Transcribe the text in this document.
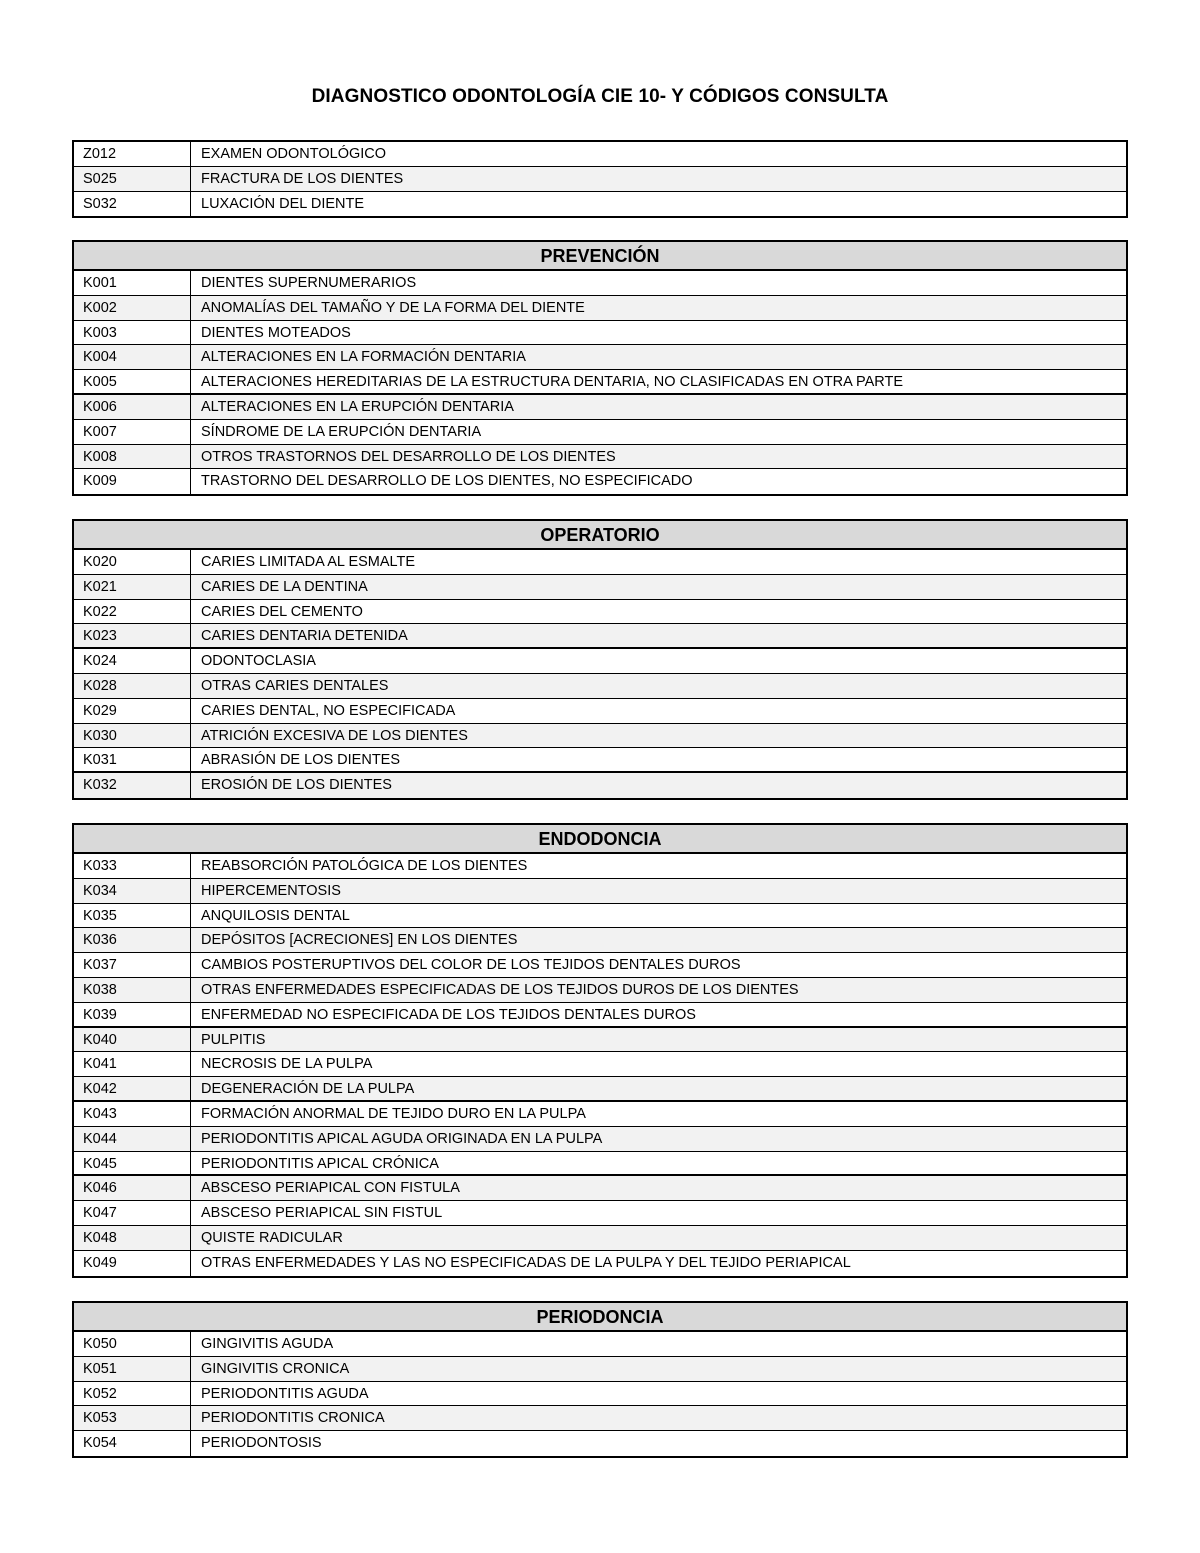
DIAGNOSTICO ODONTOLOGÍA CIE 10- Y CÓDIGOS CONSULTA
Z012	EXAMEN ODONTOLÓGICO
S025	FRACTURA DE LOS DIENTES
S032	LUXACIÓN DEL DIENTE
PREVENCIÓN
K001	DIENTES SUPERNUMERARIOS
K002	ANOMALÍAS DEL TAMAÑO Y DE LA FORMA DEL DIENTE
K003	DIENTES MOTEADOS
K004	ALTERACIONES EN LA FORMACIÓN DENTARIA
K005	ALTERACIONES HEREDITARIAS DE LA ESTRUCTURA DENTARIA, NO CLASIFICADAS EN OTRA PARTE
K006	ALTERACIONES EN LA ERUPCIÓN DENTARIA
K007	SÍNDROME DE LA ERUPCIÓN DENTARIA
K008	OTROS TRASTORNOS DEL DESARROLLO DE LOS DIENTES
K009	TRASTORNO DEL DESARROLLO DE LOS DIENTES, NO ESPECIFICADO
OPERATORIO
K020	CARIES LIMITADA AL ESMALTE
K021	CARIES DE LA DENTINA
K022	CARIES DEL CEMENTO
K023	CARIES DENTARIA DETENIDA
K024	ODONTOCLASIA
K028	OTRAS CARIES DENTALES
K029	CARIES DENTAL, NO ESPECIFICADA
K030	ATRICIÓN EXCESIVA DE LOS DIENTES
K031	ABRASIÓN DE LOS DIENTES
K032	EROSIÓN DE LOS DIENTES
ENDODONCIA
K033	REABSORCIÓN PATOLÓGICA DE LOS DIENTES
K034	HIPERCEMENTOSIS
K035	ANQUILOSIS DENTAL
K036	DEPÓSITOS [ACRECIONES] EN LOS DIENTES
K037	CAMBIOS POSTERUPTIVOS DEL COLOR DE LOS TEJIDOS DENTALES DUROS
K038	OTRAS ENFERMEDADES ESPECIFICADAS DE LOS TEJIDOS DUROS DE LOS DIENTES
K039	ENFERMEDAD NO ESPECIFICADA DE LOS TEJIDOS DENTALES DUROS
K040	PULPITIS
K041	NECROSIS DE LA PULPA
K042	DEGENERACIÓN DE LA PULPA
K043	FORMACIÓN ANORMAL DE TEJIDO DURO EN LA PULPA
K044	PERIODONTITIS APICAL AGUDA ORIGINADA EN LA PULPA
K045	PERIODONTITIS APICAL CRÓNICA
K046	ABSCESO PERIAPICAL CON FISTULA
K047	ABSCESO PERIAPICAL SIN FISTUL
K048	QUISTE RADICULAR
K049	OTRAS ENFERMEDADES Y LAS NO ESPECIFICADAS DE LA PULPA Y DEL TEJIDO PERIAPICAL
PERIODONCIA
K050	GINGIVITIS AGUDA
K051	GINGIVITIS CRONICA
K052	PERIODONTITIS AGUDA
K053	PERIODONTITIS CRONICA
K054	PERIODONTOSIS
